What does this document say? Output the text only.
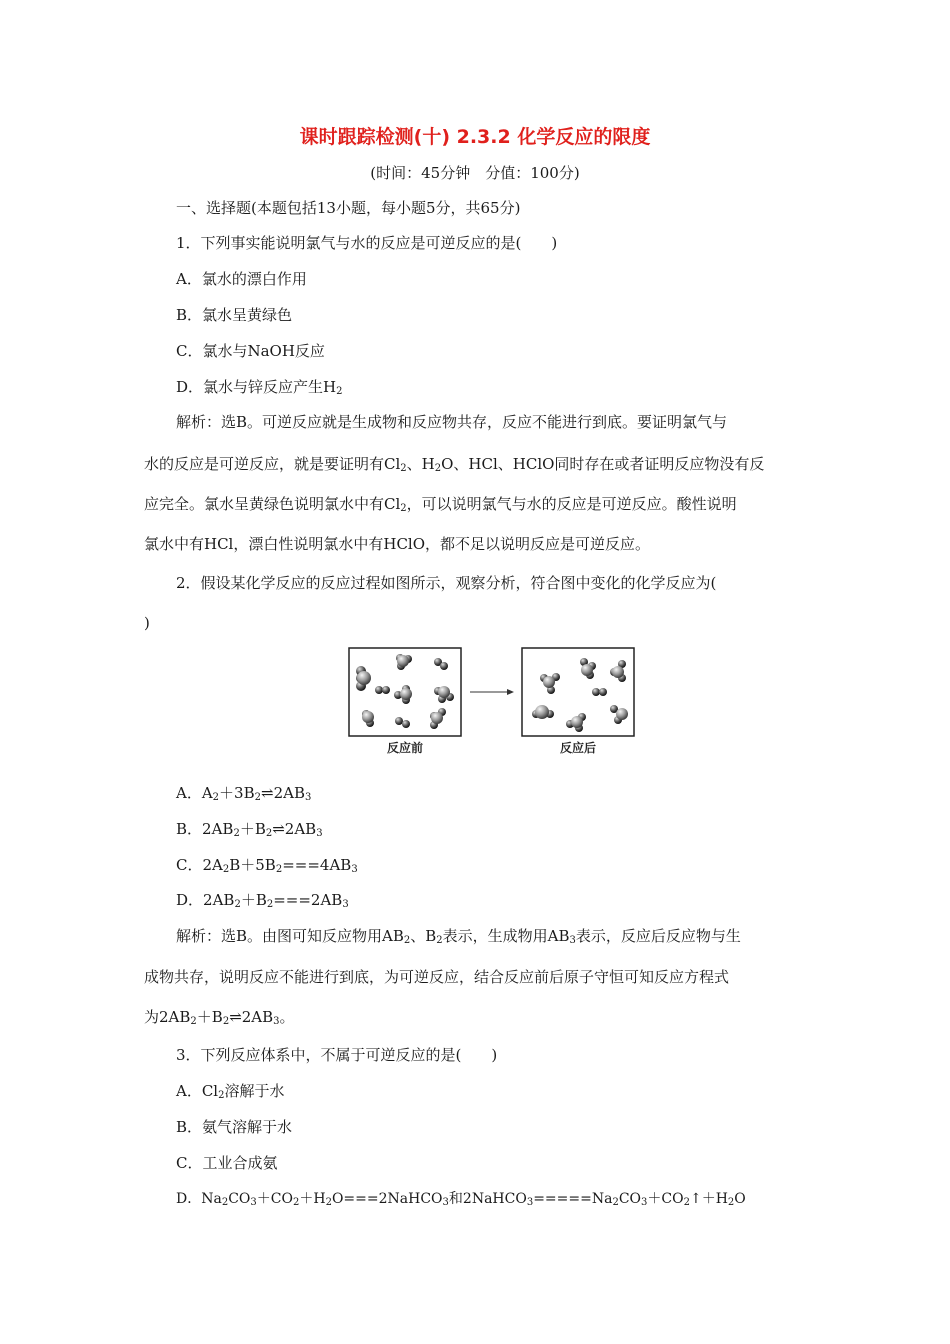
课时跟踪检测(十) 2.3.2 化学反应的限度
(时间：45分钟　分值：100分)
一、选择题(本题包括13小题，每小题5分，共65分)
1．下列事实能说明氯气与水的反应是可逆反应的是(　　)
A．氯水的漂白作用
B．氯水呈黄绿色
C．氯水与NaOH反应
D．氯水与锌反应产生$H_2$
解析：选B。可逆反应就是生成物和反应物共存，反应不能进行到底。要证明氯气与
水的反应是可逆反应，就是要证明有$Cl_2$、$H_2O$、HCl、HClO同时存在或者证明反应物没有反
应完全。氯水呈黄绿色说明氯水中有$Cl_2$，可以说明氯气与水的反应是可逆反应。酸性说明
氯水中有HCl，漂白性说明氯水中有HClO，都不足以说明反应是可逆反应。
2．假设某化学反应的反应过程如图所示，观察分析，符合图中变化的化学反应为(
)
反应前	反应后
A．$A_2+3B_2\rightleftharpoons 2AB_3$
B．$2AB_2+B_2\rightleftharpoons 2AB_3$
C．$2A_2B+5B_2===4AB_3$
D．$2AB_2+B_2===2AB_3$
解析：选B。由图可知反应物用$AB_2$、$B_2$表示，生成物用$AB_3$表示，反应后反应物与生
成物共存，说明反应不能进行到底，为可逆反应，结合反应前后原子守恒可知反应方程式
为$2AB_2+B_2\rightleftharpoons 2AB_3$。
3．下列反应体系中，不属于可逆反应的是(　　)
A．$Cl_2$溶解于水
B．氨气溶解于水
C．工业合成氨
D．$Na_2CO_3+CO_2+H_2O===2NaHCO_3$和$2NaHCO_3=====Na_2CO_3+CO_2↑+H_2O$
